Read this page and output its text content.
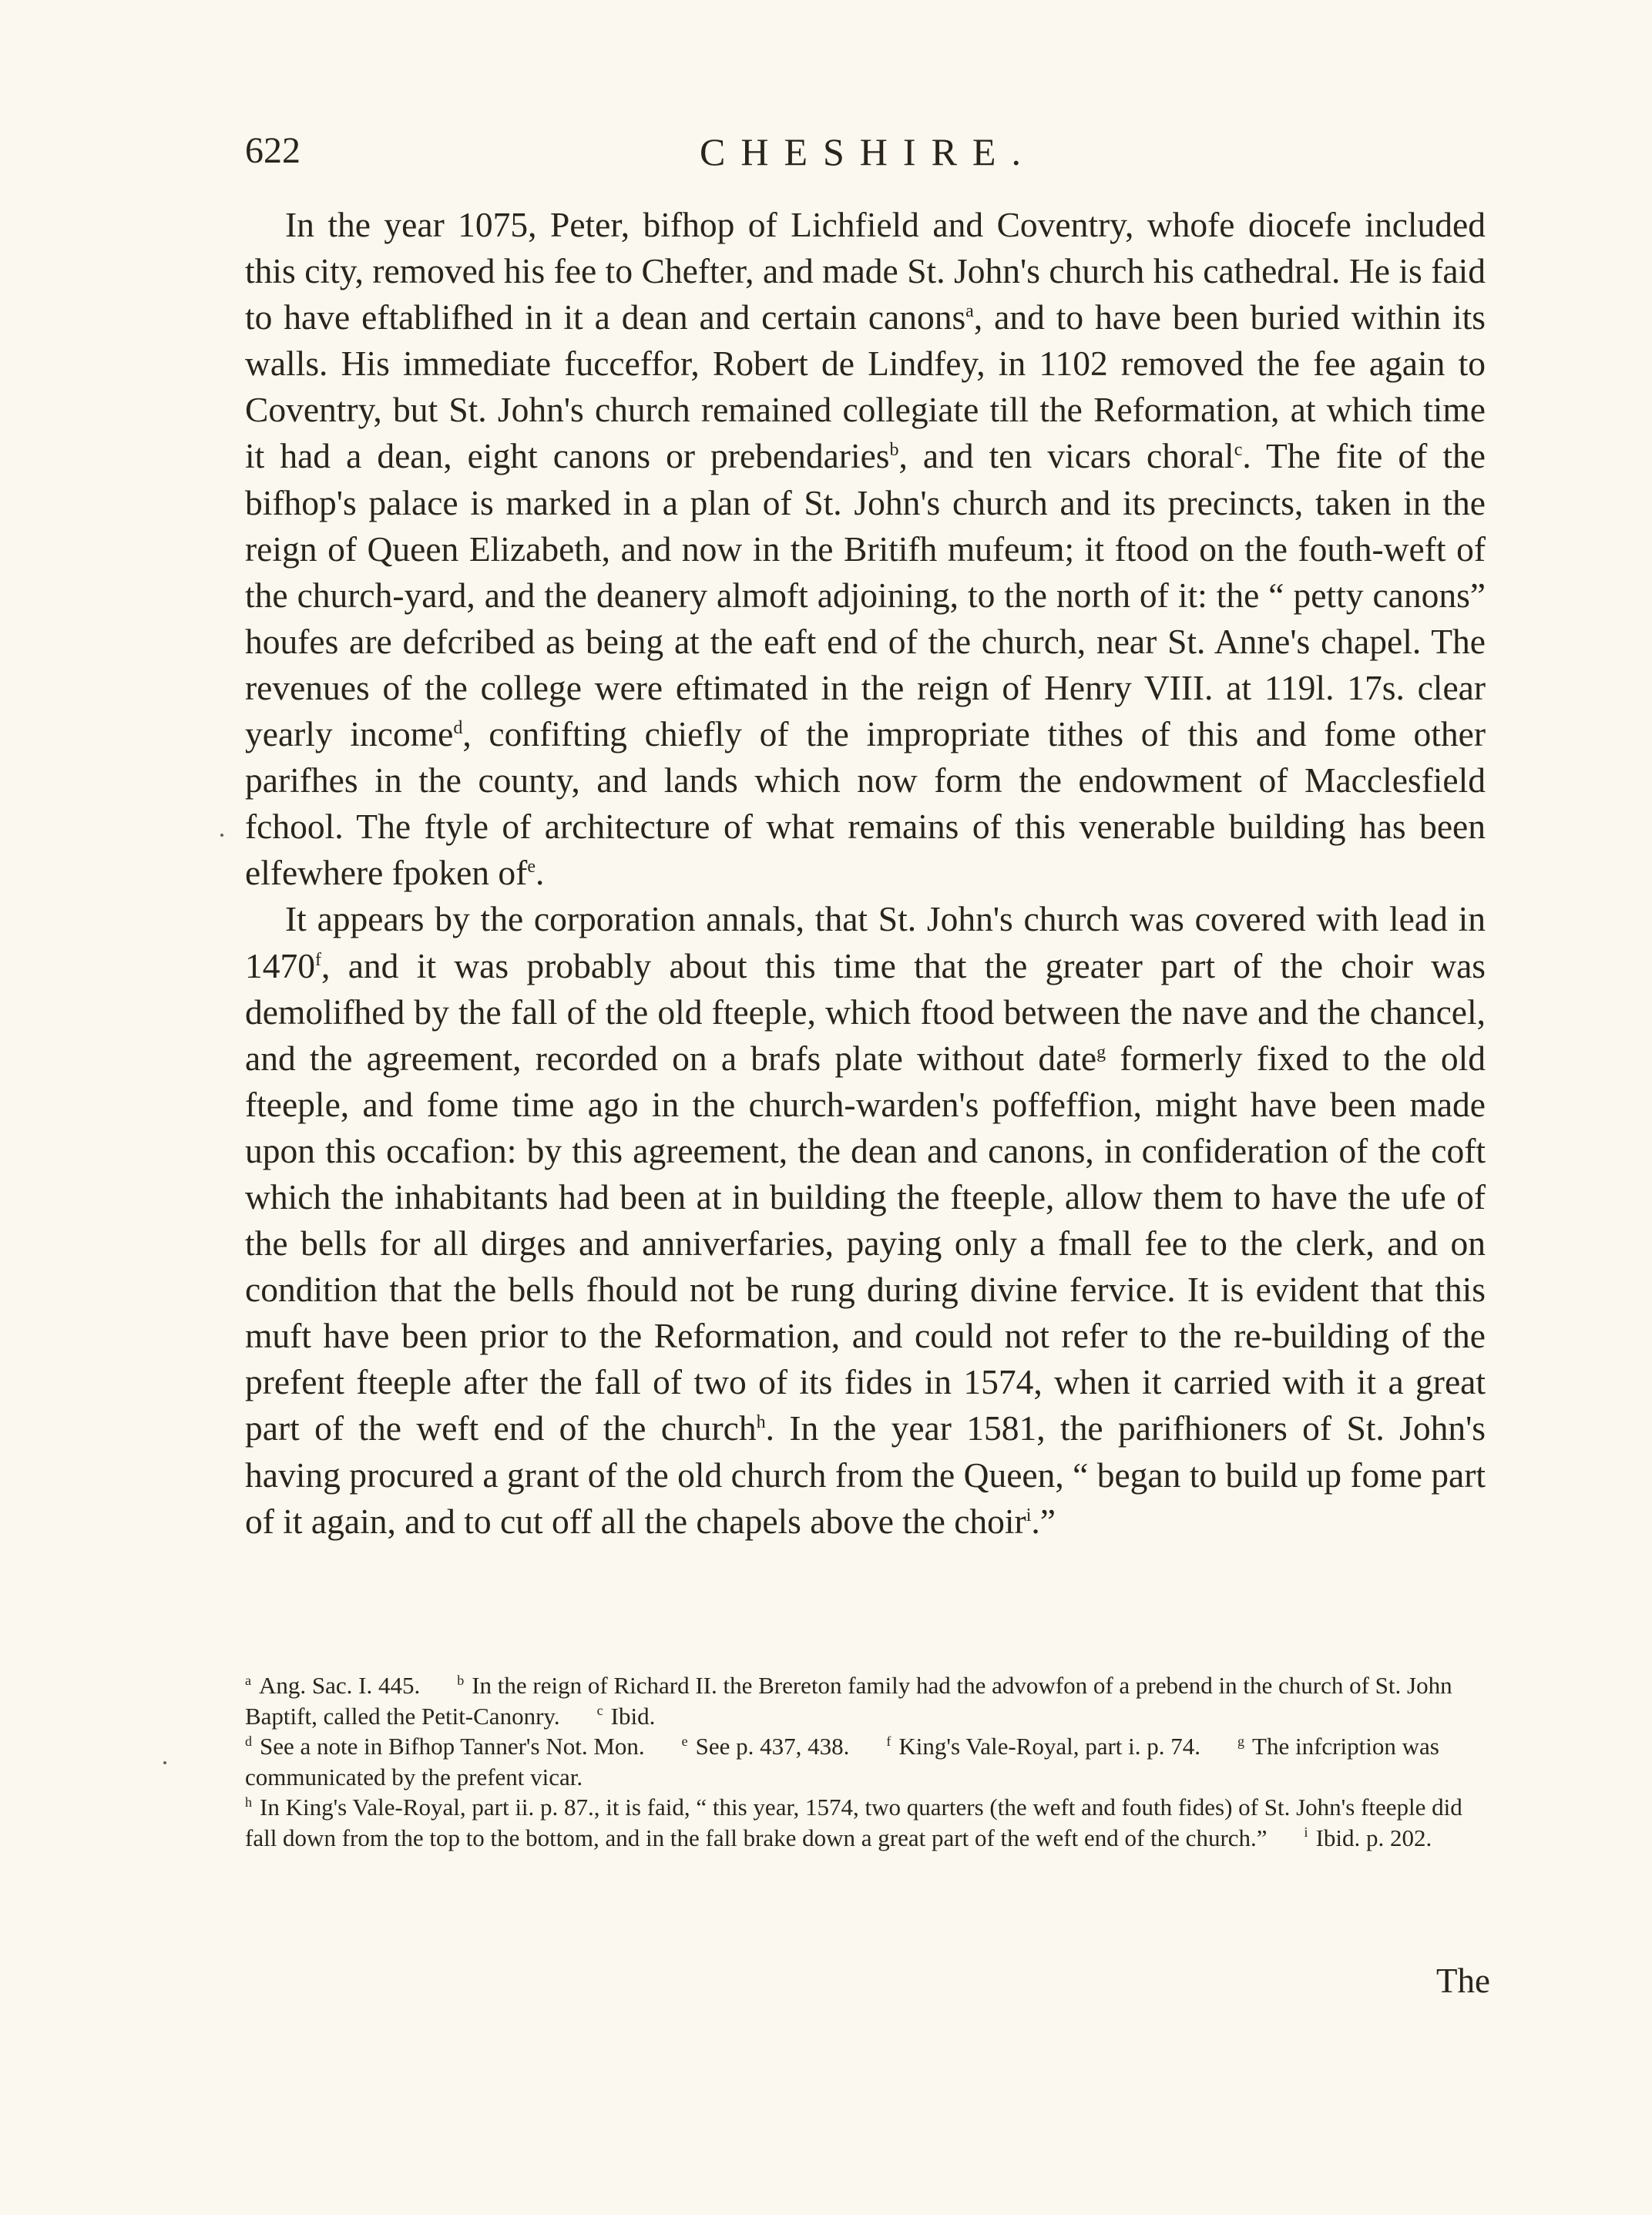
622	CHESHIRE.

In the year 1075, Peter, bifhop of Lichfield and Coventry, whofe diocefe included this city, removed his fee to Chefter, and made St. John's church his cathedral. He is faid to have eftablifhed in it a dean and certain canons$^a$, and to have been buried within its walls. His immediate fucceffor, Robert de Lindfey, in 1102 removed the fee again to Coventry, but St. John's church remained collegiate till the Reformation, at which time it had a dean, eight canons or prebendaries$^b$, and ten vicars choral$^c$. The fite of the bifhop's palace is marked in a plan of St. John's church and its precincts, taken in the reign of Queen Elizabeth, and now in the Britifh mufeum; it ftood on the fouth-weft of the church-yard, and the deanery almoft adjoining, to the north of it: the “ petty canons” houfes are defcribed as being at the eaft end of the church, near St. Anne's chapel. The revenues of the college were eftimated in the reign of Henry VIII. at 119l. 17s. clear yearly income$^d$, confifting chiefly of the impropriate tithes of this and fome other parifhes in the county, and lands which now form the endowment of Macclesfield fchool. The ftyle of architecture of what remains of this venerable building has been elfewhere fpoken of$^e$.

It appears by the corporation annals, that St. John's church was covered with lead in 1470$^f$, and it was probably about this time that the greater part of the choir was demolifhed by the fall of the old fteeple, which ftood between the nave and the chancel, and the agreement, recorded on a brafs plate without date$^g$ formerly fixed to the old fteeple, and fome time ago in the church-warden's poffeffion, might have been made upon this occafion: by this agreement, the dean and canons, in confideration of the coft which the inhabitants had been at in building the fteeple, allow them to have the ufe of the bells for all dirges and anniverfaries, paying only a fmall fee to the clerk, and on condition that the bells fhould not be rung during divine fervice. It is evident that this muft have been prior to the Reformation, and could not refer to the re-building of the prefent fteeple after the fall of two of its fides in 1574, when it carried with it a great part of the weft end of the church$^h$. In the year 1581, the parifhioners of St. John's having procured a grant of the old church from the Queen, “ began to build up fome part of it again, and to cut off all the chapels above the choir$^i$.”

$^a$ Ang. Sac. I. 445.	$^b$ In the reign of Richard II. the Brereton family had the advowfon of a prebend in the church of St. John Baptift, called the Petit-Canonry.	$^c$ Ibid.

$^d$ See a note in Bifhop Tanner's Not. Mon.	$^e$ See p. 437, 438.	$^f$ King's Vale-Royal, part i. p. 74.	$^g$ The infcription was communicated by the prefent vicar.

$^h$ In King's Vale-Royal, part ii. p. 87., it is faid, “ this year, 1574, two quarters (the weft and fouth fides) of St. John's fteeple did fall down from the top to the bottom, and in the fall brake down a great part of the weft end of the church.”	$^i$ Ibid. p. 202.

The
